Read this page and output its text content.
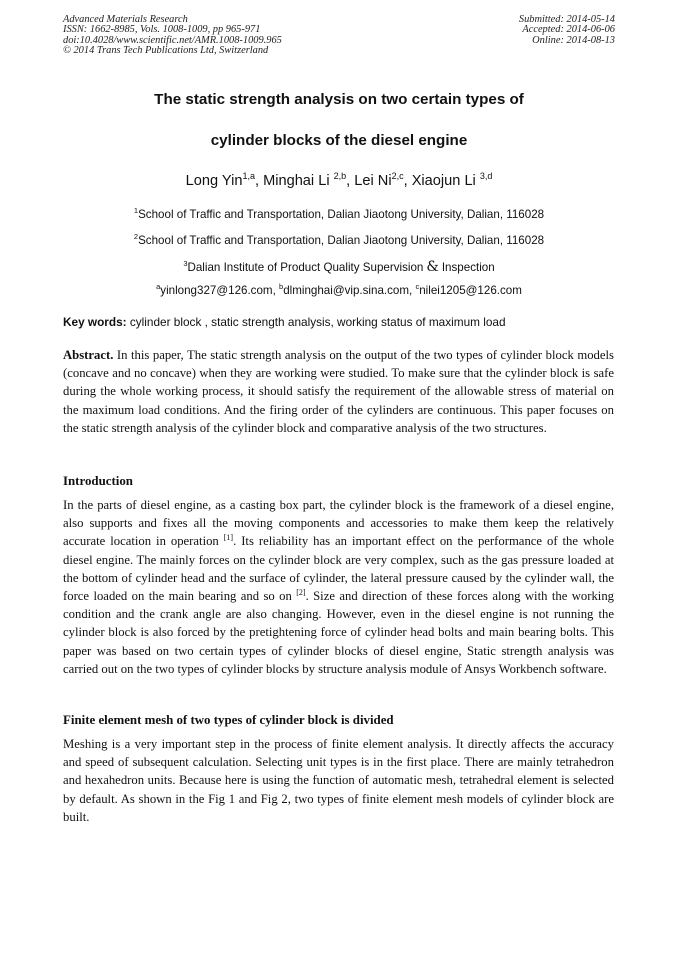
Advanced Materials Research
ISSN: 1662-8985, Vols. 1008-1009, pp 965-971
doi:10.4028/www.scientific.net/AMR.1008-1009.965
© 2014 Trans Tech Publications Ltd, Switzerland
Submitted: 2014-05-14
Accepted: 2014-06-06
Online: 2014-08-13
The static strength analysis on two certain types of
cylinder blocks of the diesel engine
Long Yin$^{1,a}$, Minghai Li $^{2,b}$, Lei Ni$^{2,c}$, Xiaojun Li $^{3,d}$
$^1$School of Traffic and Transportation, Dalian Jiaotong University, Dalian, 116028
$^2$School of Traffic and Transportation, Dalian Jiaotong University, Dalian, 116028
$^3$Dalian Institute of Product Quality Supervision & Inspection
$^a$yinlong327@126.com, $^b$dlminghai@vip.sina.com, $^c$nilei1205@126.com
Key words: cylinder block , static strength analysis, working status of maximum load
Abstract. In this paper, The static strength analysis on the output of the two types of cylinder block models (concave and no concave) when they are working were studied. To make sure that the cylinder block is safe during the whole working process, it should satisfy the requirement of the allowable stress of material on the maximum load conditions. And the firing order of the cylinders are continuous. This paper focuses on the static strength analysis of the cylinder block and comparative analysis of the two structures.
Introduction
In the parts of diesel engine, as a casting box part, the cylinder block is the framework of a diesel engine, also supports and fixes all the moving components and accessories to make them keep the relatively accurate location in operation [1]. Its reliability has an important effect on the performance of the whole diesel engine. The mainly forces on the cylinder block are very complex, such as the gas pressure loaded at the bottom of cylinder head and the surface of cylinder, the lateral pressure caused by the cylinder wall, the force loaded on the main bearing and so on [2]. Size and direction of these forces along with the working condition and the crank angle are also changing. However, even in the diesel engine is not running the cylinder block is also forced by the pretightening force of cylinder head bolts and main bearing bolts. This paper was based on two certain types of cylinder blocks of diesel engine, Static strength analysis was carried out on the two types of cylinder blocks by structure analysis module of Ansys Workbench software.
Finite element mesh of two types of cylinder block is divided
Meshing is a very important step in the process of finite element analysis. It directly affects the accuracy and speed of subsequent calculation. Selecting unit types is in the first place. There are mainly tetrahedron and hexahedron units. Because here is using the function of automatic mesh, tetrahedral element is selected by default. As shown in the Fig 1 and Fig 2, two types of finite element mesh models of cylinder block are built.
